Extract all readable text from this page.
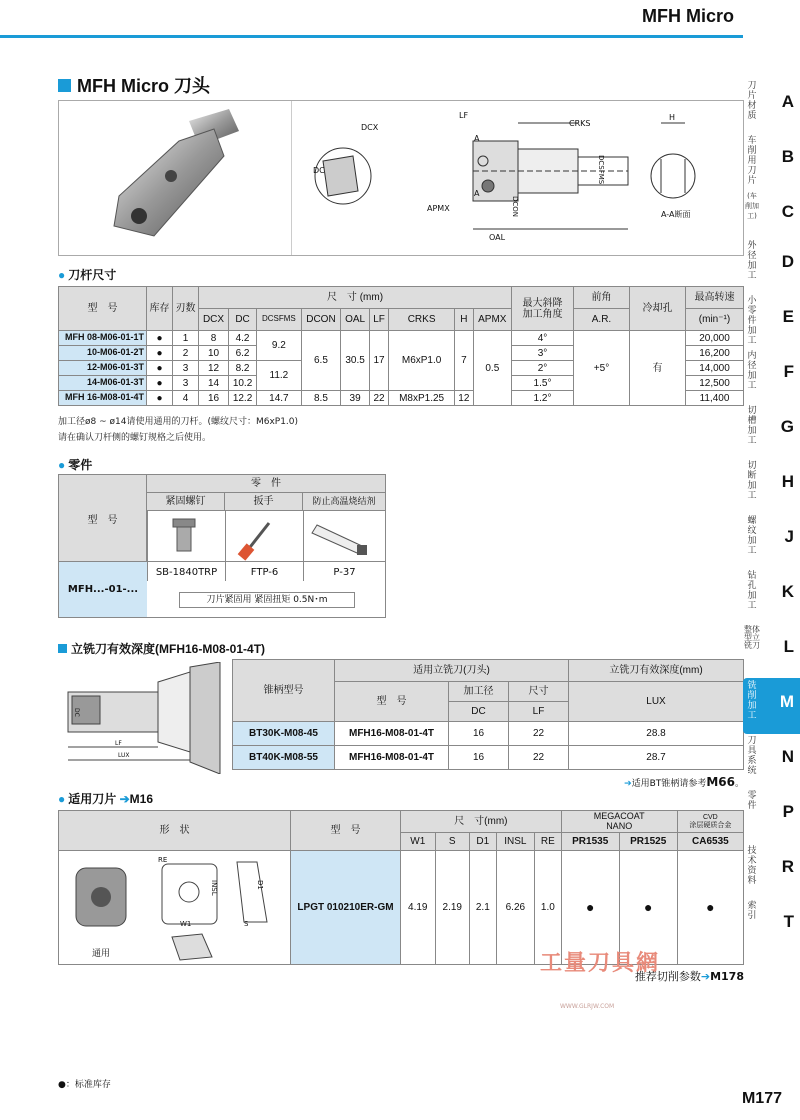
MFH Micro
MFH Micro 刀头
DCX
DC
LF
CRKS
H
DCSFMS
APMX	DCON
A
A
OAL
A-A断面
● 刀杆尺寸
型　号	库存	刃数	尺　寸 (mm)									最大斜降
加工角度	前角	冷却孔	最高转速
			DCX	DC	DCSFMS	DCON	OAL	LF	CRKS	H	APMX		A.R.		(min⁻¹)
MFH 08-M06-01-1T	●	1	8	4.2	9.2	6.5	30.5	17	M6xP1.0	7	0.5	4°	+5°	有	20,000
10-M06-01-2T	●	2	10	6.2								3°			16,200
12-M06-01-3T	●	3	12	8.2	11.2							2°			14,000
14-M06-01-3T	●	3	14	10.2								1.5°			12,500
MFH 16-M08-01-4T	●	4	16	12.2	14.7	8.5	39	22	M8xP1.25	12		1.2°			11,400
加工径ø8 ~ ø14请使用通用的刀杆。(螺纹尺寸：M6xP1.0)
请在确认刀杆侧的螺钉规格之后使用。
● 零件
型　号
零　件
紧固螺钉	扳手	防止高温烧结剂
MFH...-01-...
SB-1840TRP	FTP-6	P-37
刀片紧固用 紧固扭矩 0.5N･m
立铣刀有效深度(MFH16-M08-01-4T)
DC
LF
LUX
锥柄型号	适用立铣刀(刀头)			立铣刀有效深度(mm)
	型　号	加工径	尺寸	LUX
		DC	LF	
BT30K-M08-45	MFH16-M08-01-4T	16	22	28.8
BT40K-M08-55	MFH16-M08-01-4T	16	22	28.7
➔适用BT锥柄请参考M66。
● 适用刀片 ➔M16
形　状	型　号	尺　寸(mm)					MEGACOAT
NANO		CVD
涂层硬质合金
		W1	S	D1	INSL	RE	PR1535	PR1525	CA6535
	LPGT 010210ER-GM	4.19	2.19	2.1	6.26	1.0	●	●	●
RE
INSL	D1
W1	S
通用
推荐切削参数➔M178
工量刀具網
WWW.GLRJW.COM
刀片材质
A
车削用刀片
B
(车削加工) C
外径加工
D
小零件加工
E
内径加工
F
切槽加工
G
切断加工
H
螺纹加工
J
钻孔加工
K
整体型立铣刀 L
铣削加工
M
刀具系统
N
零件 P
技术资料
R
索引 T
●：标准库存
M177
